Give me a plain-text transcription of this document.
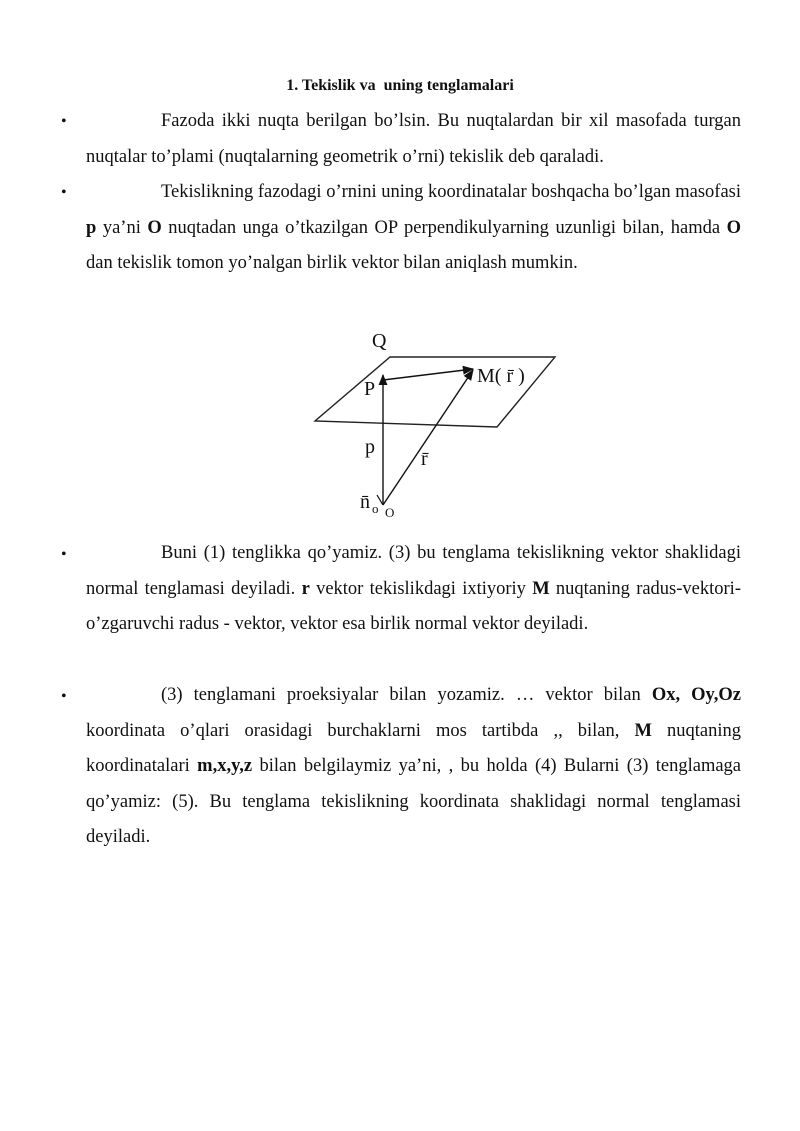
1. Tekislik va  uning tenglamalari
•	Fazoda ikki nuqta berilgan bo’lsin. Bu nuqtalardan bir xil masofada turgan nuqtalar to’plami (nuqtalarning geometrik o’rni) tekislik deb qaraladi.
•	Tekislikning fazodagi o’rnini uning koordinatalar boshqacha bo’lgan masofasi p ya’ni O nuqtadan unga o’tkazilgan OP perpendikulyarning uzunligi bilan, hamda O dan tekislik tomon yo’nalgan birlik vektor bilan aniqlash mumkin.
Q
P
M( r̄ )
p
r̄
n̄ o O
•	Buni (1) tenglikka qo’yamiz. (3) bu tenglama tekislikning vektor shaklidagi normal tenglamasi deyiladi. r vektor tekislikdagi ixtiyoriy M nuqtaning radus-vektori-o’zgaruvchi radus - vektor, vektor esa birlik normal vektor deyiladi.
•	(3) tenglamani proeksiyalar bilan yozamiz. … vektor bilan Ox, Oy,Oz koordinata o’qlari orasidagi burchaklarni mos tartibda ,, bilan, M nuqtaning koordinatalari m,x,y,z bilan belgilaymiz ya’ni, , bu holda (4) Bularni (3) tenglamaga qo’yamiz: (5). Bu tenglama tekislikning koordinata shaklidagi normal tenglamasi deyiladi.
